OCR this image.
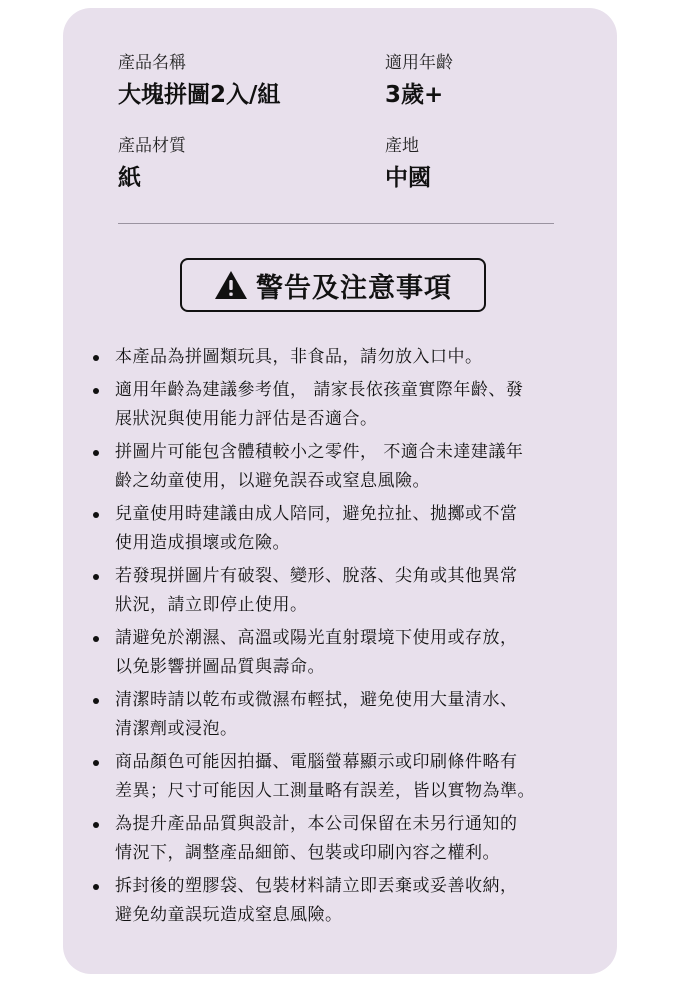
產品名稱
大塊拼圖2入/組
適用年齡
3歲+
產品材質
紙
產地
中國
警告及注意事項
本產品為拼圖類玩具，非食品，請勿放入口中。
適用年齡為建議參考值， 請家長依孩童實際年齡、發
展狀況與使用能力評估是否適合。
拼圖片可能包含體積較小之零件， 不適合未達建議年
齡之幼童使用，以避免誤吞或窒息風險。
兒童使用時建議由成人陪同，避免拉扯、拋擲或不當
使用造成損壞或危險。
若發現拼圖片有破裂、變形、脫落、尖角或其他異常
狀況，請立即停止使用。
請避免於潮濕、高溫或陽光直射環境下使用或存放，
以免影響拼圖品質與壽命。
清潔時請以乾布或微濕布輕拭，避免使用大量清水、
清潔劑或浸泡。
商品顏色可能因拍攝、電腦螢幕顯示或印刷條件略有
差異；尺寸可能因人工測量略有誤差，皆以實物為準。
為提升產品品質與設計，本公司保留在未另行通知的
情況下，調整產品細節、包裝或印刷內容之權利。
拆封後的塑膠袋、包裝材料請立即丟棄或妥善收納，
避免幼童誤玩造成窒息風險。
